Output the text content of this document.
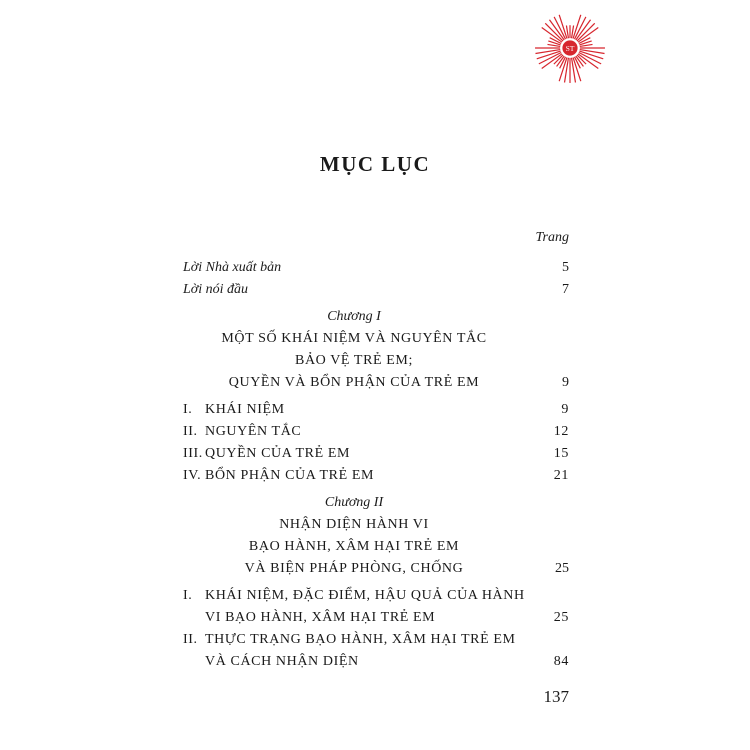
ST
MỤC LỤC
Trang
Lời Nhà xuất bản	5
Lời nói đầu	7
Chương I
MỘT SỐ KHÁI NIỆM VÀ NGUYÊN TẮC
BẢO VỆ TRẺ EM;
QUYỀN VÀ BỔN PHẬN CỦA TRẺ EM	9
I. KHÁI NIỆM	9
II. NGUYÊN TẮC	12
III. QUYỀN CỦA TRẺ EM	15
IV. BỔN PHẬN CỦA TRẺ EM	21
Chương II
NHẬN DIỆN HÀNH VI
BẠO HÀNH, XÂM HẠI TRẺ EM
VÀ BIỆN PHÁP PHÒNG, CHỐNG	25
I. KHÁI NIỆM, ĐẶC ĐIỂM, HẬU QUẢ CỦA HÀNH
VI BẠO HÀNH, XÂM HẠI TRẺ EM	25
II. THỰC TRẠNG BẠO HÀNH, XÂM HẠI TRẺ EM
VÀ CÁCH NHẬN DIỆN	84
137
